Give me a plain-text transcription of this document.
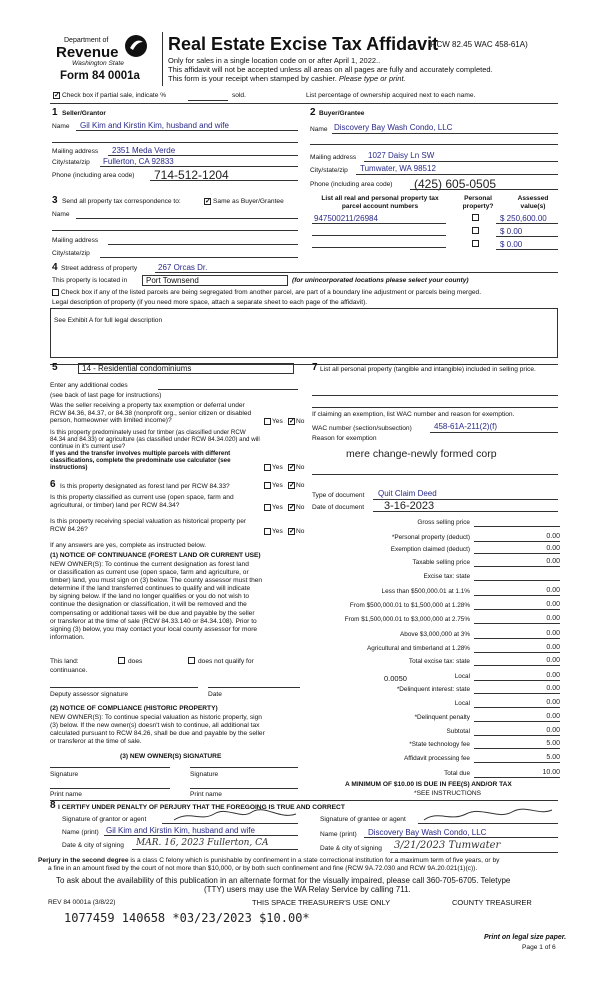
Department of
Revenue
Washington State
Form 84 0001a
Real Estate Excise Tax Affidavit
(RCW 82.45 WAC 458-61A)
Only for sales in a single location code on or after April 1, 2022..
This affidavit will not be accepted unless all areas on all pages are fully and accurately completed.
This form is your receipt when stamped by cashier. Please type or print.
✓ Check box if partial sale, indicate %	sold.	List percentage of ownership acquired next to each name.
1 Seller/Grantor
Name Gil Kim and Kirstin Kim, husband and wife
Mailing address 2351 Meda Verde
City/state/zip Fullerton, CA 92833
Phone (including area code) 714-512-1204
2 Buyer/Grantee
Name Discovery Bay Wash Condo, LLC
Mailing address 1027 Daisy Ln SW
City/state/zip Tumwater, WA 98512
Phone (including area code) (425) 605-0505
3 Send all property tax correspondence to:	✓ Same as Buyer/Grantee
Name
Mailing address
City/state/zip
List all real and personal property tax parcel account numbers
Personal property?
Assessed value(s)
947500211/26984	$ 250,600.00
$ 0.00
$ 0.00
4 Street address of property	267 Orcas Dr.
This property is located in Port Townsend	(for unincorporated locations please select your county)
Check box if any of the listed parcels are being segregated from another parcel, are part of a boundary line adjustment or parcels being merged.
Legal description of property (if you need more space, attach a separate sheet to each page of the affidavit).
See Exhibit A for full legal description
5	14 - Residential condominiums
Enter any additional codes
(see back of last page for instructions)
Was the seller receiving a property tax exemption or deferral under RCW 84.36, 84.37, or 84.38 (nonprofit org., senior citizen or disabled person, homeowner with limited income)?	Yes ✓ No
Is this property predominately used for timber (as classified under RCW 84.34 and 84.33) or agriculture (as classified under RCW 84.34.020) and will continue in it's current use?
If yes and the transfer involves multiple parcels with different classifications, complete the predominate use calculator (see instructions)	Yes ✓ No
6 Is this property designated as forest land per RCW 84.33?	Yes ✓ No
Is this property classified as current use (open space, farm and agricultural, or timber) land per RCW 84.34?	Yes ✓ No
Is this property receiving special valuation as historical property per RCW 84.26?	Yes ✓ No
If any answers are yes, complete as instructed below.
(1) NOTICE OF CONTINUANCE (FOREST LAND OR CURRENT USE)
NEW OWNER(S): To continue the current designation as forest land
or classification as current use (open space, farm and agriculture, or
timber) land, you must sign on (3) below. The county assessor must then
determine if the land transferred continues to qualify and will indicate
by signing below. If the land no longer qualifies or you do not wish to
continue the designation or classification, it will be removed and the
compensating or additional taxes will be due and payable by the seller
or transferor at the time of sale (RCW 84.33.140 or 84.34.108). Prior to
signing (3) below, you may contact your local county assessor for more
information.
This land:	does	does not qualify for
continuance.
Deputy assessor signature	Date
(2) NOTICE OF COMPLIANCE (HISTORIC PROPERTY)
NEW OWNER(S): To continue special valuation as historic property, sign
(3) below. If the new owner(s) doesn't wish to continue, all additional tax
calculated pursuant to RCW 84.26, shall be due and payable by the seller
or transferor at the time of sale.
(3) NEW OWNER(S) SIGNATURE
Signature	Signature
Print name	Print name
7 List all personal property (tangible and intangible) included in selling price.
If claiming an exemption, list WAC number and reason for exemption.
WAC number (section/subsection)	458-61A-211(2)(f)
Reason for exemption
mere change-newly formed corp
Type of document Quit Claim Deed
Date of document 3-16-2023
Gross selling price
*Personal property (deduct)	0.00
Exemption claimed (deduct)	0.00
Taxable selling price	0.00
Excise tax: state
Less than $500,000.01 at 1.1%	0.00
From $500,000.01 to $1,500,000 at 1.28%	0.00
From $1,500,000.01 to $3,000,000 at 2.75%	0.00
Above $3,000,000 at 3%	0.00
Agricultural and timberland at 1.28%	0.00
Total excise tax: state	0.00
Local	0.00
*Delinquent interest: state	0.00
Local	0.00
*Delinquent penalty	0.00
Subtotal	0.00
*State technology fee	5.00
Affidavit processing fee	5.00
Total due	10.00
0.0050
A MINIMUM OF $10.00 IS DUE IN FEE(S) AND/OR TAX
*SEE INSTRUCTIONS
8 I CERTIFY UNDER PENALTY OF PERJURY THAT THE FOREGOING IS TRUE AND CORRECT
Signature of grantor or agent
Name (print) Gil Kim and Kirstin Kim, husband and wife
Date & city of signing MAR. 16, 2023 Fullerton, CA
Signature of grantee or agent
Name (print) Discovery Bay Wash Condo, LLC
Date & city of signing 3/21/2023 Tumwater
Perjury in the second degree is a class C felony which is punishable by confinement in a state correctional institution for a maximum term of five years, or by
a fine in an amount fixed by the court of not more than $10,000, or by both such confinement and fine (RCW 9A.72.030 and RCW 9A.20.021(1)(c)).
To ask about the availability of this publication in an alternate format for the visually impaired, please call 360-705-6705. Teletype
(TTY) users may use the WA Relay Service by calling 711.
REV 84 0001a (3/8/22)	THIS SPACE TREASURER'S USE ONLY	COUNTY TREASURER
1077459 140658 *03/23/2023 $10.00*
Print on legal size paper.
Page 1 of 6
